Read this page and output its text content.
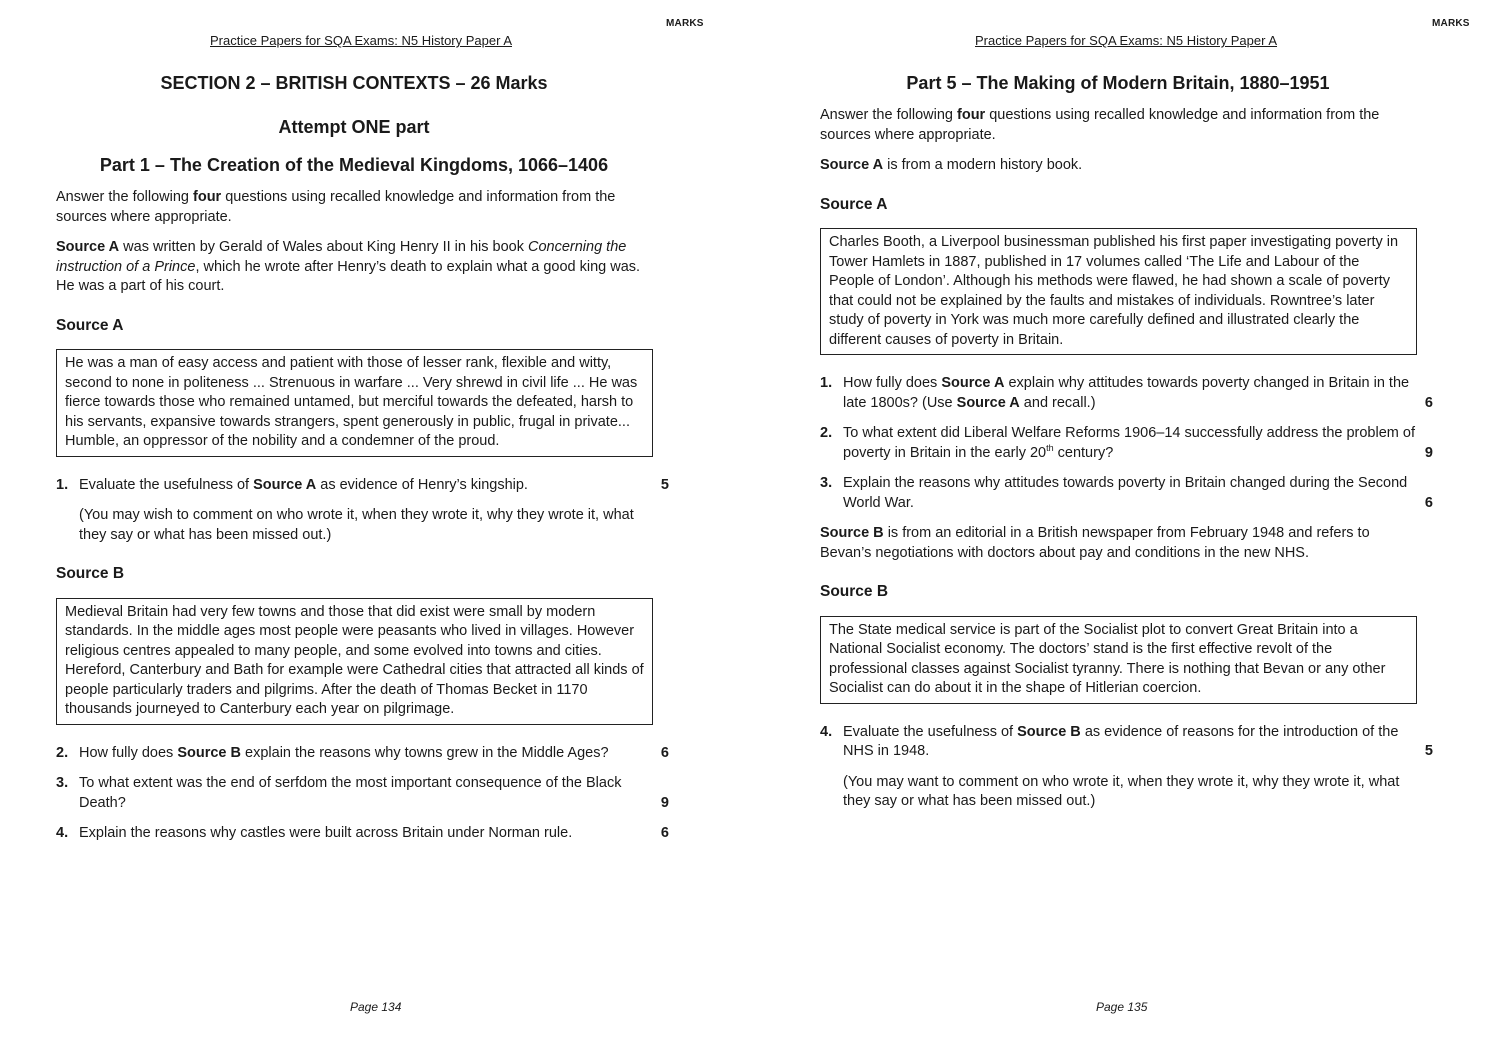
MARKS
Practice Papers for SQA Exams: N5 History Paper A
SECTION 2 – BRITISH CONTEXTS – 26 Marks
Attempt ONE part
Part 1 – The Creation of the Medieval Kingdoms, 1066–1406

Answer the following four questions using recalled knowledge and information from the sources where appropriate.

Source A was written by Gerald of Wales about King Henry II in his book Concerning the instruction of a Prince, which he wrote after Henry’s death to explain what a good king was. He was a part of his court.

Source A
He was a man of easy access and patient with those of lesser rank, flexible and witty, second to none in politeness ... Strenuous in warfare ... Very shrewd in civil life ... He was fierce towards those who remained untamed, but merciful towards the defeated, harsh to his servants, expansive towards strangers, spent generously in public, frugal in private... Humble, an oppressor of the nobility and a condemner of the proud.
1. Evaluate the usefulness of Source A as evidence of Henry’s kingship.	5

(You may wish to comment on who wrote it, when they wrote it, why they wrote it, what they say or what has been missed out.)

Source B
Medieval Britain had very few towns and those that did exist were small by modern standards. In the middle ages most people were peasants who lived in villages. However religious centres appealed to many people, and some evolved into towns and cities. Hereford, Canterbury and Bath for example were Cathedral cities that attracted all kinds of people particularly traders and pilgrims. After the death of Thomas Becket in 1170 thousands journeyed to Canterbury each year on pilgrimage.
2. How fully does Source B explain the reasons why towns grew in the Middle Ages?	6
3. To what extent was the end of serfdom the most important consequence of the Black Death?	9
4. Explain the reasons why castles were built across Britain under Norman rule.	6
Page 134
MARKS
Practice Papers for SQA Exams: N5 History Paper A
Part 5 – The Making of Modern Britain, 1880–1951

Answer the following four questions using recalled knowledge and information from the sources where appropriate.

Source A is from a modern history book.

Source A
Charles Booth, a Liverpool businessman published his first paper investigating poverty in Tower Hamlets in 1887, published in 17 volumes called ‘The Life and Labour of the People of London’. Although his methods were flawed, he had shown a scale of poverty that could not be explained by the faults and mistakes of individuals. Rowntree’s later study of poverty in York was much more carefully defined and illustrated clearly the different causes of poverty in Britain.
1. How fully does Source A explain why attitudes towards poverty changed in Britain in the late 1800s? (Use Source A and recall.)	6
2. To what extent did Liberal Welfare Reforms 1906–14 successfully address the problem of poverty in Britain in the early 20th century?	9
3. Explain the reasons why attitudes towards poverty in Britain changed during the Second World War.	6

Source B is from an editorial in a British newspaper from February 1948 and refers to Bevan’s negotiations with doctors about pay and conditions in the new NHS.

Source B
The State medical service is part of the Socialist plot to convert Great Britain into a National Socialist economy. The doctors’ stand is the first effective revolt of the professional classes against Socialist tyranny. There is nothing that Bevan or any other Socialist can do about it in the shape of Hitlerian coercion.
4. Evaluate the usefulness of Source B as evidence of reasons for the introduction of the NHS in 1948.	5

(You may want to comment on who wrote it, when they wrote it, why they wrote it, what they say or what has been missed out.)

Page 135
